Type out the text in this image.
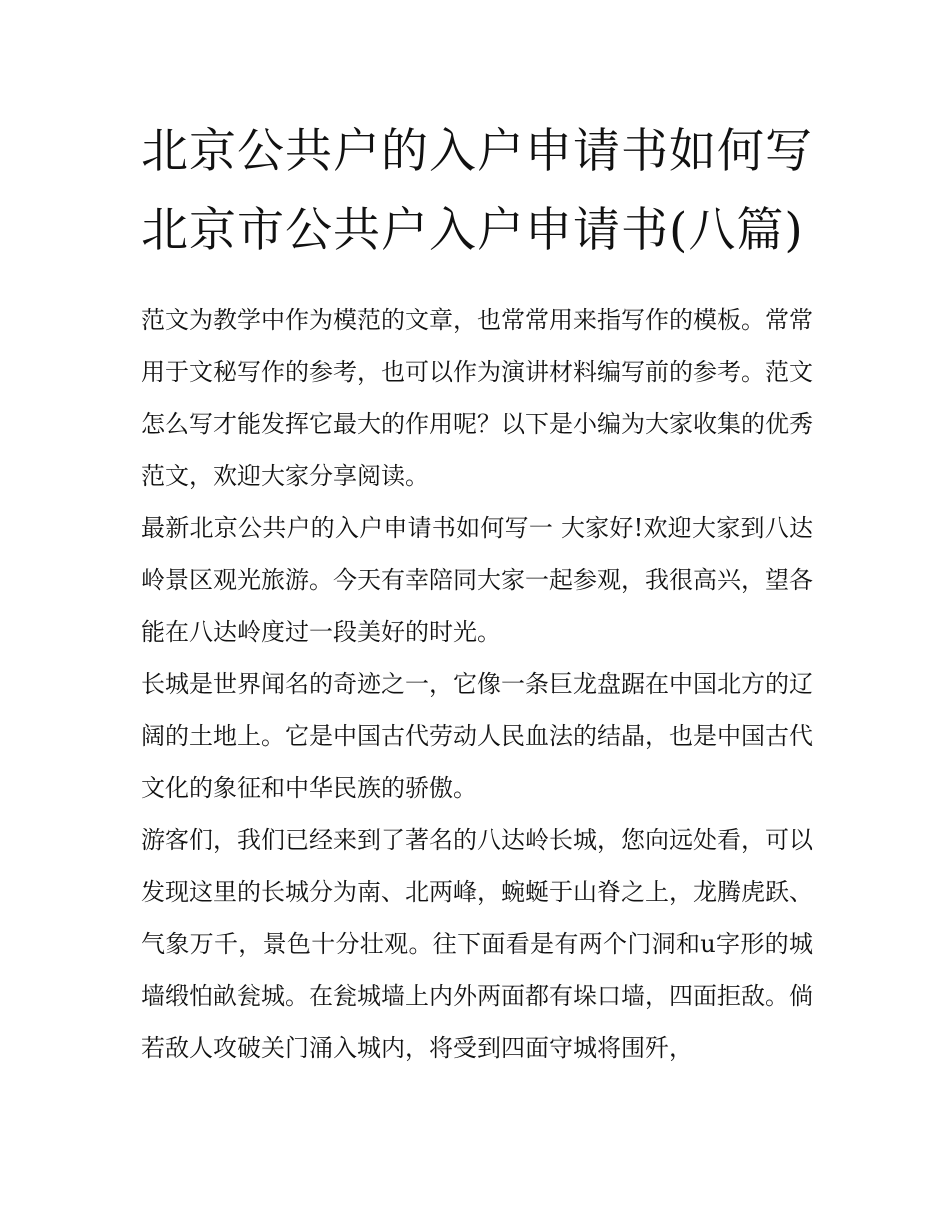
北京公共户的入户申请书如何写 北京市公共户入户申请书(八篇)

范文为教学中作为模范的文章，也常常用来指写作的模板。常常用于文秘写作的参考，也可以作为演讲材料编写前的参考。范文怎么写才能发挥它最大的作用呢？以下是小编为大家收集的优秀范文，欢迎大家分享阅读。

最新北京公共户的入户申请书如何写一 大家好!欢迎大家到八达岭景区观光旅游。今天有幸陪同大家一起参观，我很高兴，望各能在八达岭度过一段美好的时光。

长城是世界闻名的奇迹之一，它像一条巨龙盘踞在中国北方的辽阔的土地上。它是中国古代劳动人民血法的结晶，也是中国古代文化的象征和中华民族的骄傲。

游客们，我们已经来到了著名的八达岭长城，您向远处看，可以发现这里的长城分为南、北两峰，蜿蜒于山脊之上，龙腾虎跃、气象万千，景色十分壮观。往下面看是有两个门洞和u字形的城墙缎怕畝瓮城。在瓮城墙上内外两面都有垛口墙，四面拒敌。倘若敌人攻破关门涌入城内，将受到四面守城将围歼，
